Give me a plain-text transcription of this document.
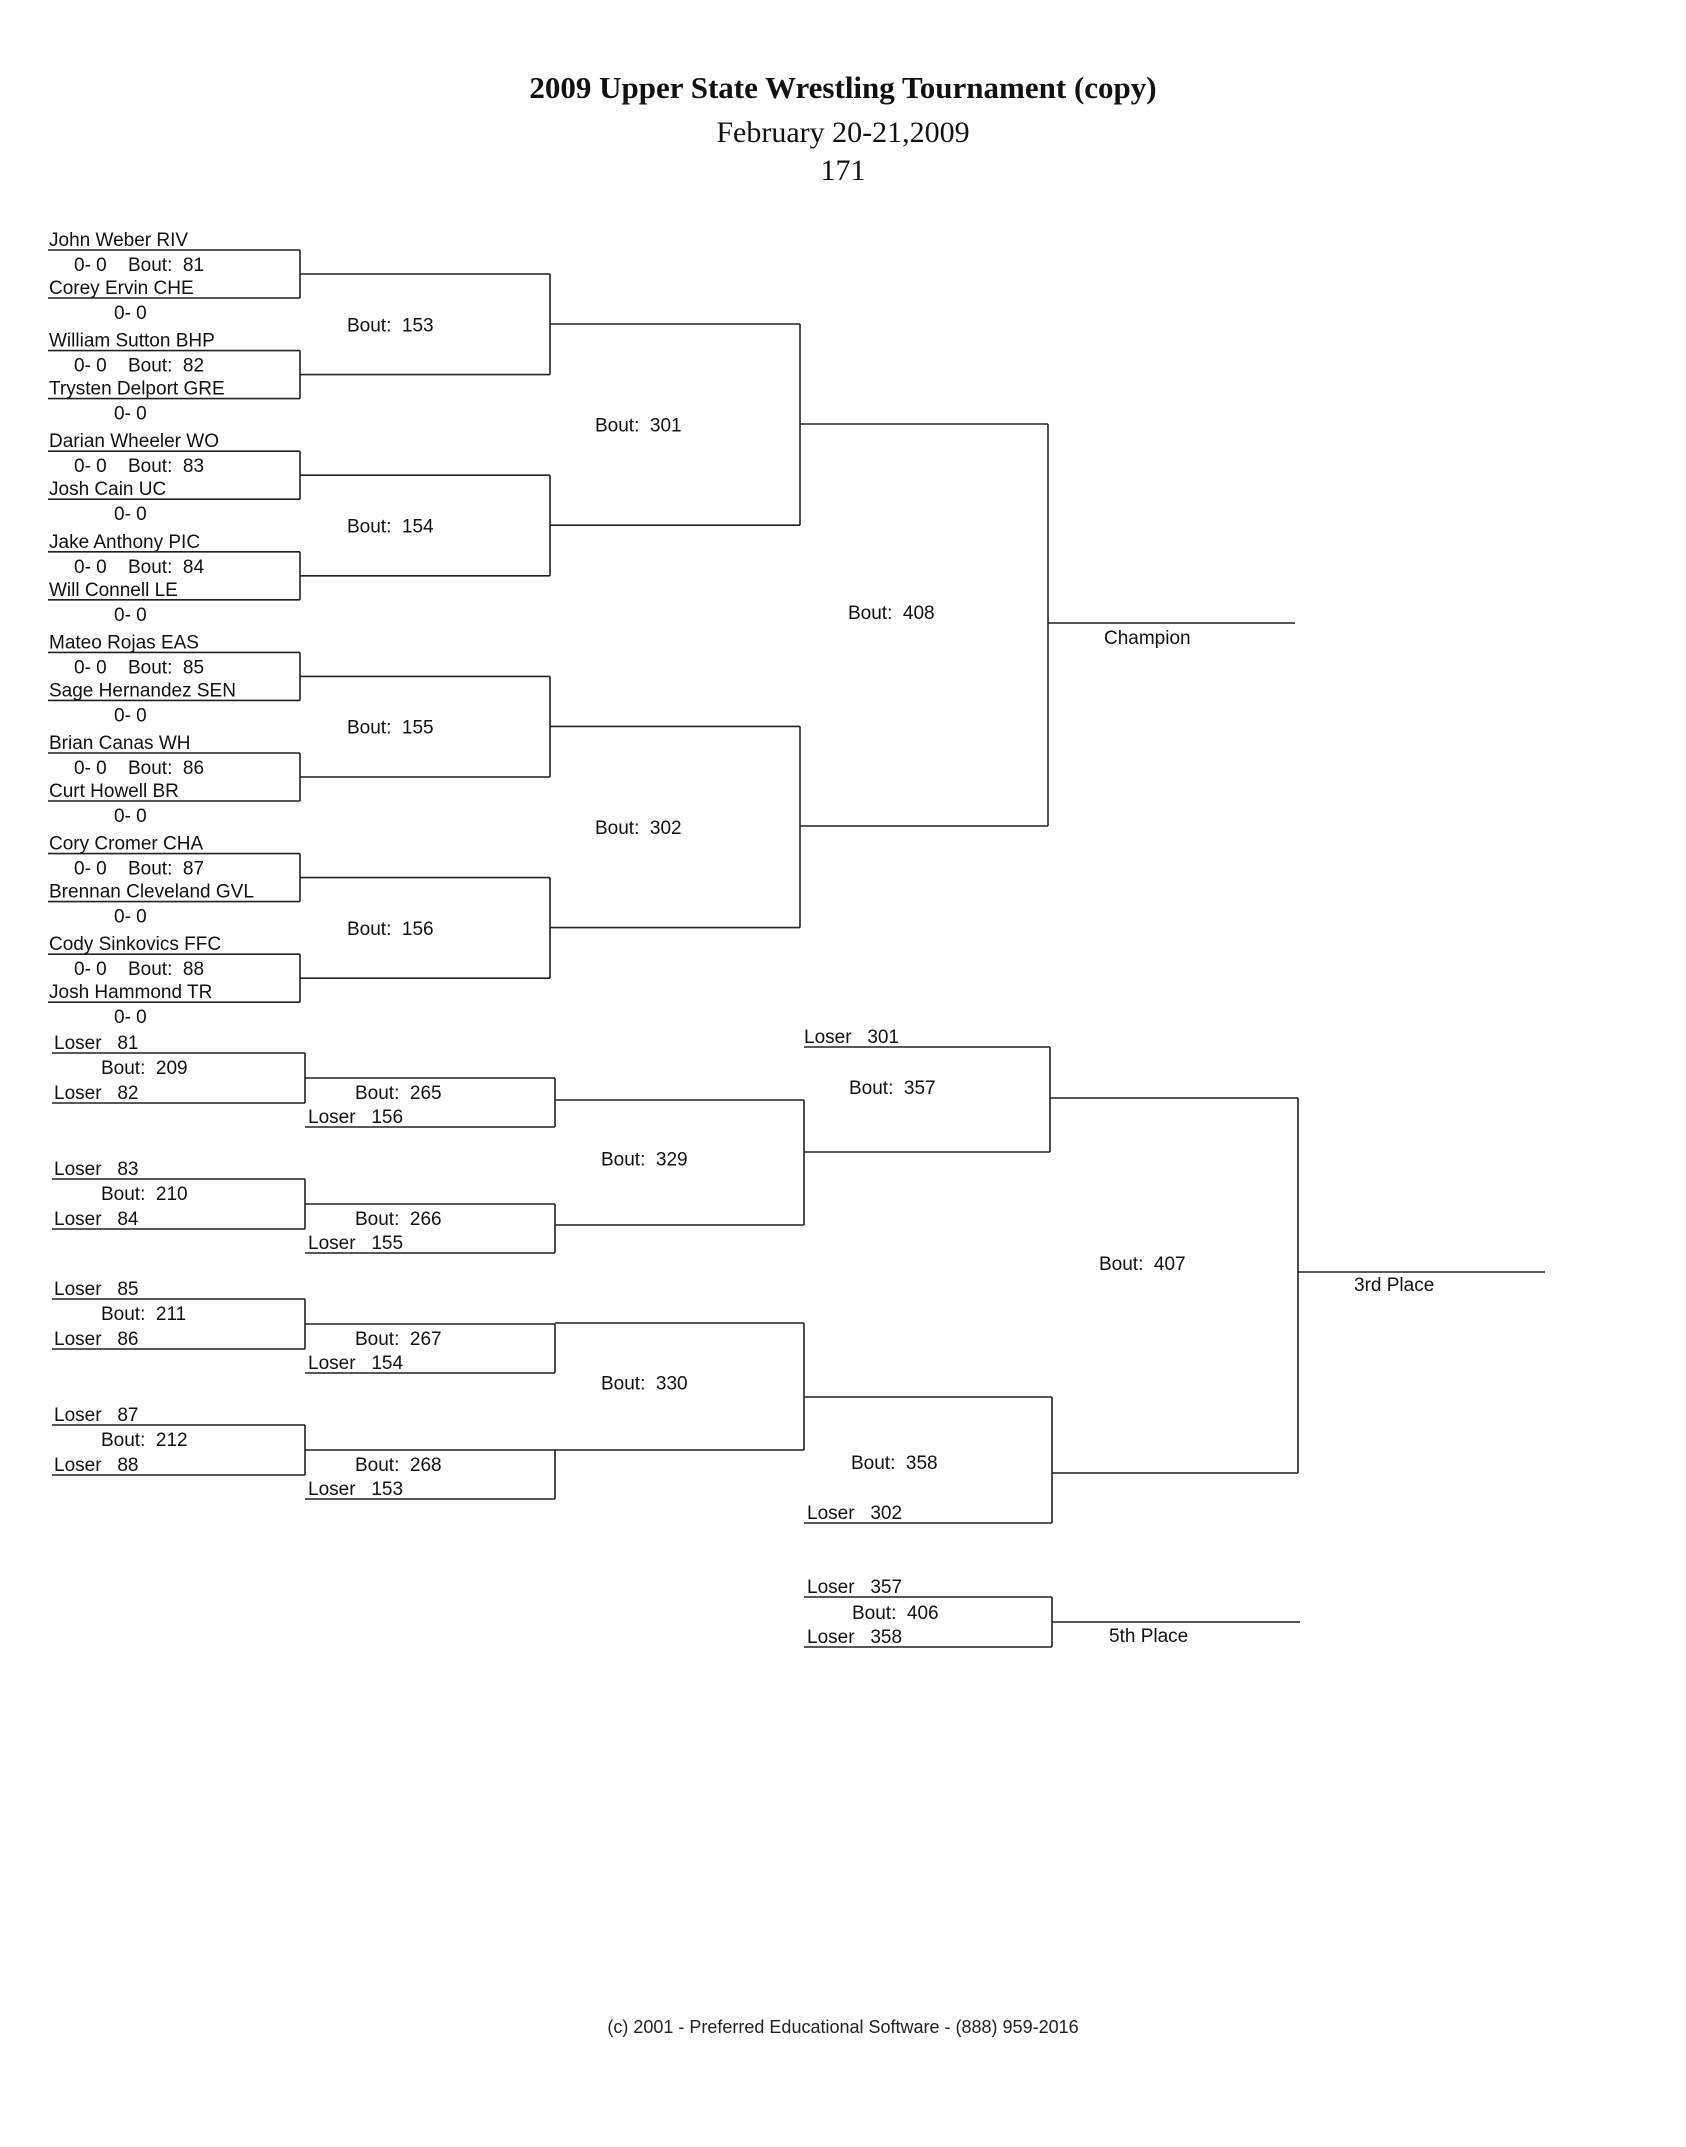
2009 Upper State Wrestling Tournament (copy)
February 20-21,2009
171
John Weber RIV
0- 0 Bout:  81
Corey Ervin CHE
0- 0
William Sutton BHP
0- 0 Bout:  82
Trysten Delport GRE
0- 0
Darian Wheeler WO
0- 0 Bout:  83
Josh Cain UC
0- 0
Jake Anthony PIC
0- 0 Bout:  84
Will Connell LE
0- 0
Mateo Rojas EAS
0- 0 Bout:  85
Sage Hernandez SEN
0- 0
Brian Canas WH
0- 0 Bout:  86
Curt Howell BR
0- 0
Cory Cromer CHA
0- 0 Bout:  87
Brennan Cleveland GVL
0- 0
Cody Sinkovics FFC
0- 0 Bout:  88
Josh Hammond TR
0- 0
Bout:  153
Bout:  154
Bout:  155
Bout:  156
Bout:  301
Bout:  302
Bout:  408
Champion
Loser   81
Bout:  209
Loser   82	Bout:  265
Loser   156
Loser   83
Bout:  210
Loser   84	Bout:  266
Loser   155
Loser   85
Bout:  211
Loser   86	Bout:  267
Loser   154
Loser   87
Bout:  212
Loser   88	Bout:  268
Loser   153
Bout:  329
Bout:  330
Loser   301
Bout:  357
Bout:  358
Loser   302
Bout:  407
3rd Place
Loser   357
Bout:  406
Loser   358	5th Place
(c) 2001 - Preferred Educational Software - (888) 959-2016
